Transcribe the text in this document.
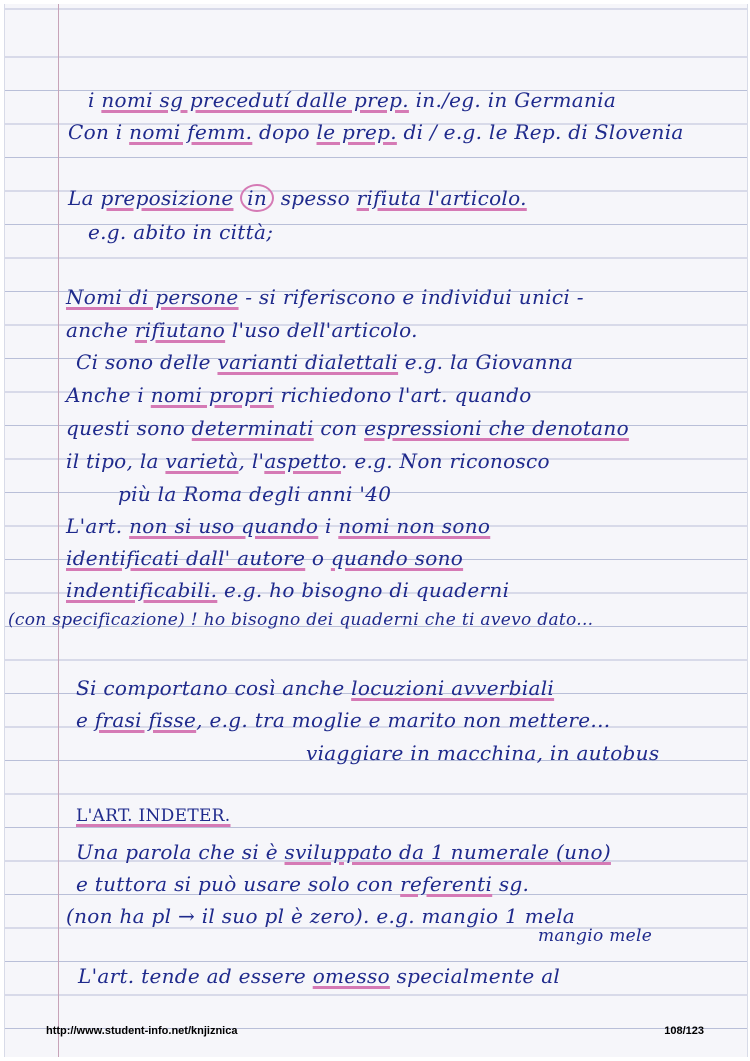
i nomi sg precedutí dalle prep. in./eg. in Germania
Con i nomi femm. dopo le prep. di / e.g. le Rep. di Slovenia
La preposizione in spesso rifiuta l'articolo.
e.g. abito in città;
Nomi di persone - si riferiscono e individui unici -
anche rifiutano l'uso dell'articolo.
Ci sono delle varianti dialettali e.g. la Giovanna
Anche i nomi propri richiedono l'art. quando
questi sono determinati con espressioni che denotano
il tipo, la varietà, l'aspetto. e.g. Non riconosco
più la Roma degli anni '40
L'art. non si uso quando i nomi non sono
identificati dall' autore o quando sono
indentificabili. e.g. ho bisogno di quaderni
(con specificazione) ! ho bisogno dei quaderni che ti avevo dato...
Si comportano così anche locuzioni avverbiali
e frasi fisse, e.g. tra moglie e marito non mettere...
viaggiare in macchina, in autobus
L'ART. INDETER.
Una parola che si è sviluppato da 1 numerale (uno)
e tuttora si può usare solo con referenti sg.
(non ha pl → il suo pl è zero). e.g. mangio 1 mela
mangio mele
L'art. tende ad essere omesso specialmente al
http://www.student-info.net/knjiznica	108/123
